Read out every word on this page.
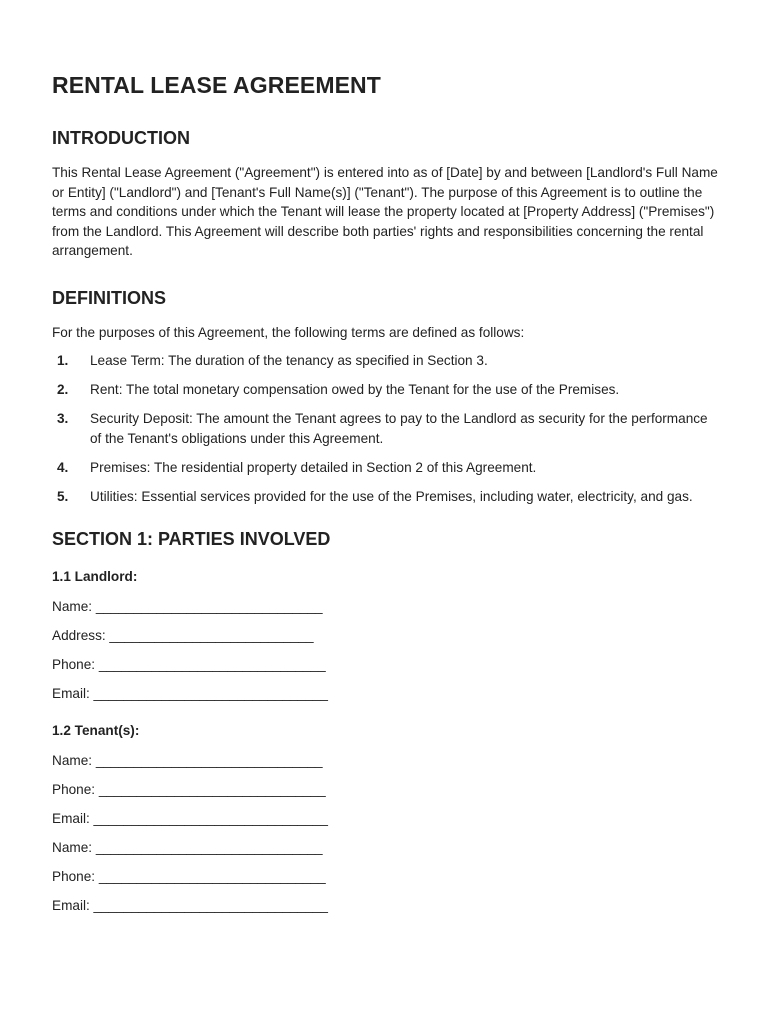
RENTAL LEASE AGREEMENT
INTRODUCTION

This Rental Lease Agreement ("Agreement") is entered into as of [Date] by and between [Landlord's Full Name or Entity] ("Landlord") and [Tenant's Full Name(s)] ("Tenant"). The purpose of this Agreement is to outline the terms and conditions under which the Tenant will lease the property located at [Property Address] ("Premises") from the Landlord. This Agreement will describe both parties' rights and responsibilities concerning the rental arrangement.

DEFINITIONS

For the purposes of this Agreement, the following terms are defined as follows:

1.	Lease Term: The duration of the tenancy as specified in Section 3.
2.	Rent: The total monetary compensation owed by the Tenant for the use of the Premises.
3.	Security Deposit: The amount the Tenant agrees to pay to the Landlord as security for the performance of the Tenant's obligations under this Agreement.
4.	Premises: The residential property detailed in Section 2 of this Agreement.
5.	Utilities: Essential services provided for the use of the Premises, including water, electricity, and gas.
SECTION 1: PARTIES INVOLVED
1.1 Landlord:
Name: ______________________________
Address: ___________________________
Phone: ______________________________
Email: _______________________________
1.2 Tenant(s):
Name: ______________________________
Phone: ______________________________
Email: _______________________________
Name: ______________________________
Phone: ______________________________
Email: _______________________________
